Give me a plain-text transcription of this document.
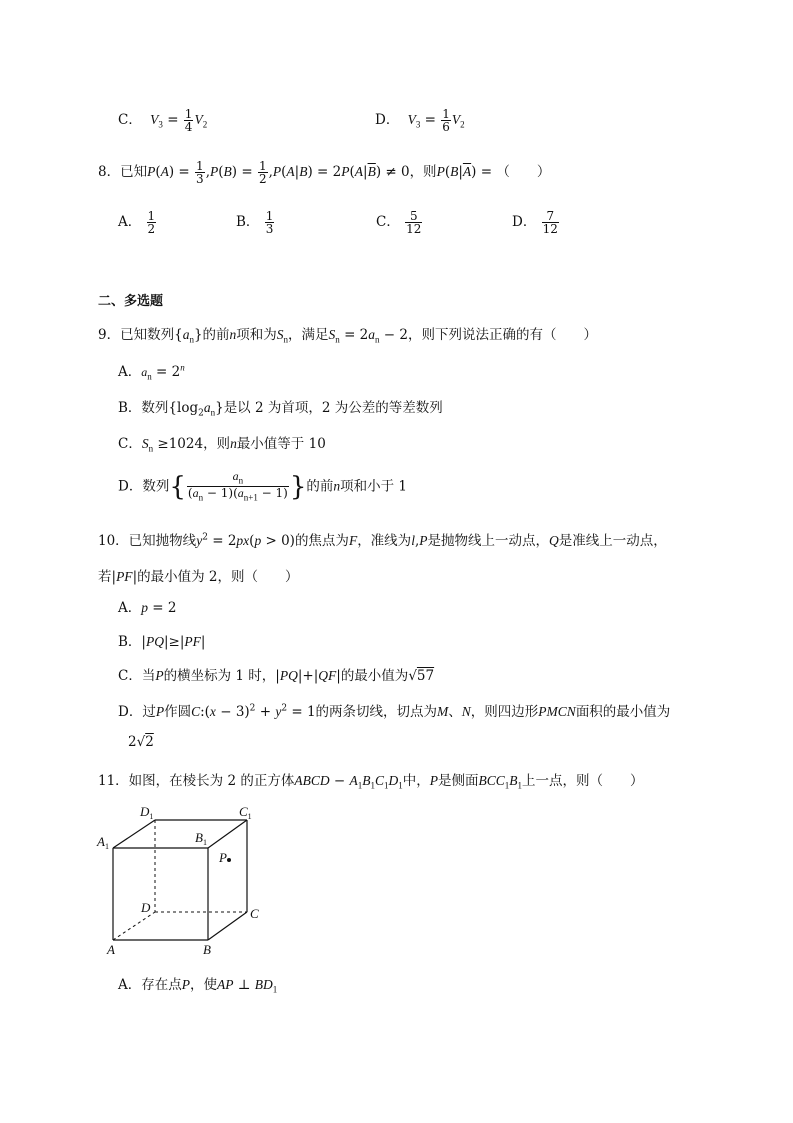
C． $V_3 = \frac{1}{4} V_2$	D． $V_3 = \frac{1}{6} V_2$
8．已知$P(A) = \frac{1}{3} ,P(B) = \frac{1}{2} ,P(A|B) = 2P(A|\overline{B}) \ne 0$，则$P(B|\overline{A})$ = （　　）
A． $\frac{1}{2}$	B． $\frac{1}{3}$	C． $\frac{5}{12}$	D． $\frac{7}{12}$
二、多选题
9．已知数列$\{a_n\}$的前n项和为$S_n$，满足$S_n = 2a_n - 2$，则下列说法正确的有（　　）
A．$a_n = 2^n$
B．数列$\{\log_2a_n\}$是以 2 为首项，2 为公差的等差数列
C．$S_n \ge 1024$，则n最小值等于 10
D．数列{ $\frac{a_n}{(a_n - 1)(a_{n+1} - 1)}$ }的前n项和小于 1
10．已知抛物线$y^2 = 2px(p > 0)$的焦点为F，准线为l,P是抛物线上一动点，Q是准线上一动点，
若|PF|的最小值为 2，则（　　）
A．p = 2
B．|PQ|≥|PF|
C．当P的横坐标为 1 时，|PQ|+|QF|的最小值为√57
D．过P作圆C:(x − $3)^2 + y^2 = 1$的两条切线，切点为M、N，则四边形PMCN面积的最小值为
2√2
11．如图，在棱长为 2 的正方体ABCD − $A_1B_1C_1D_1$中，P是侧面$BCC_1B_1$上一点，则（　　）
$D_1$	$C_1$
$A_1$
$B_1$
P
D	C
A	B
A．存在点P，使AP ⊥ $BD_1$
